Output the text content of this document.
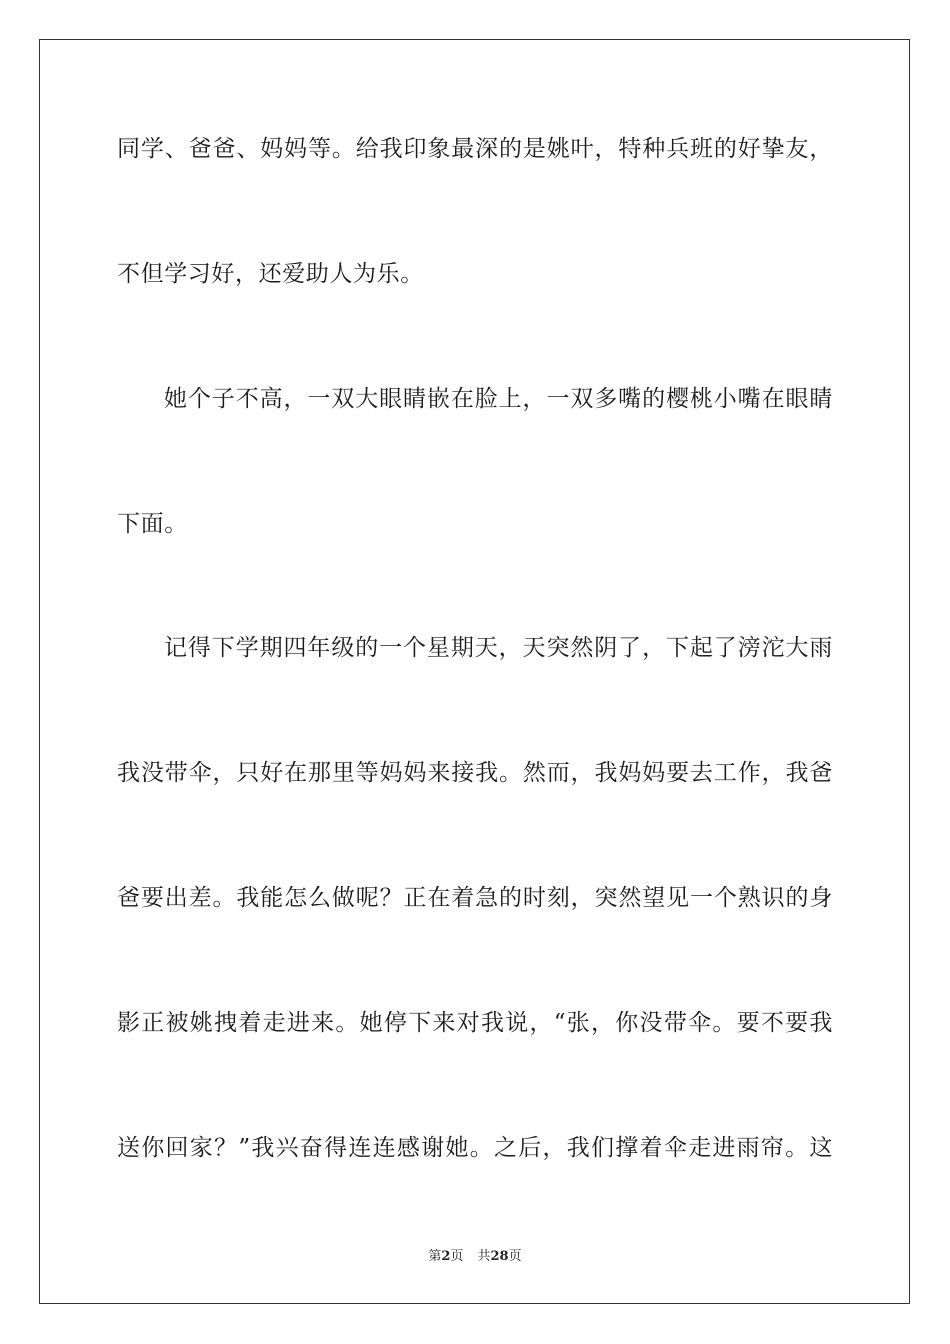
同学、爸爸、妈妈等。给我印象最深的是姚叶，特种兵班的好挚友，
不但学习好，还爱助人为乐。
她个子不高，一双大眼睛嵌在脸上，一双多嘴的樱桃小嘴在眼睛
下面。
记得下学期四年级的一个星期天，天突然阴了，下起了滂沱大雨
我没带伞，只好在那里等妈妈来接我。然而，我妈妈要去工作，我爸
爸要出差。我能怎么做呢？正在着急的时刻，突然望见一个熟识的身
影正被姚拽着走进来。她停下来对我说，“张，你没带伞。要不要我
送你回家？”我兴奋得连连感谢她。之后，我们撑着伞走进雨帘。这
第2页 共28页
